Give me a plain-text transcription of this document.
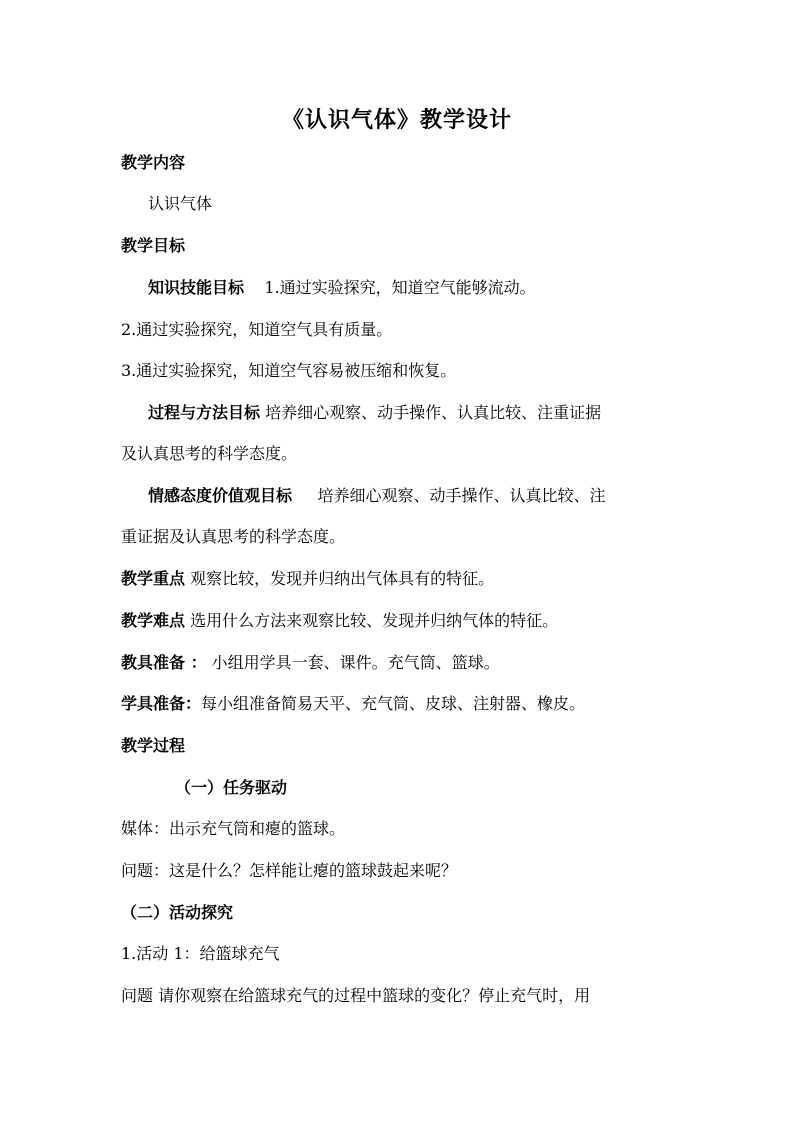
《认识气体》教学设计
教学内容
认识气体
教学目标
知识技能目标 1.通过实验探究，知道空气能够流动。
2.通过实验探究，知道空气具有质量。
3.通过实验探究，知道空气容易被压缩和恢复。
过程与方法目标 培养细心观察、动手操作、认真比较、注重证据
及认真思考的科学态度。
情感态度价值观目标 培养细心观察、动手操作、认真比较、注
重证据及认真思考的科学态度。
教学重点 观察比较，发现并归纳出气体具有的特征。
教学难点 选用什么方法来观察比较、发现并归纳气体的特征。
教具准备 ： 小组用学具一套、课件。充气筒、篮球。
学具准备：每小组准备简易天平、充气筒、皮球、注射器、橡皮。
教学过程
（一）任务驱动
媒体：出示充气筒和瘪的篮球。
问题：这是什么？怎样能让瘪的篮球鼓起来呢？
（二）活动探究
1.活动 1：给篮球充气
问题 请你观察在给篮球充气的过程中篮球的变化？停止充气时，用
